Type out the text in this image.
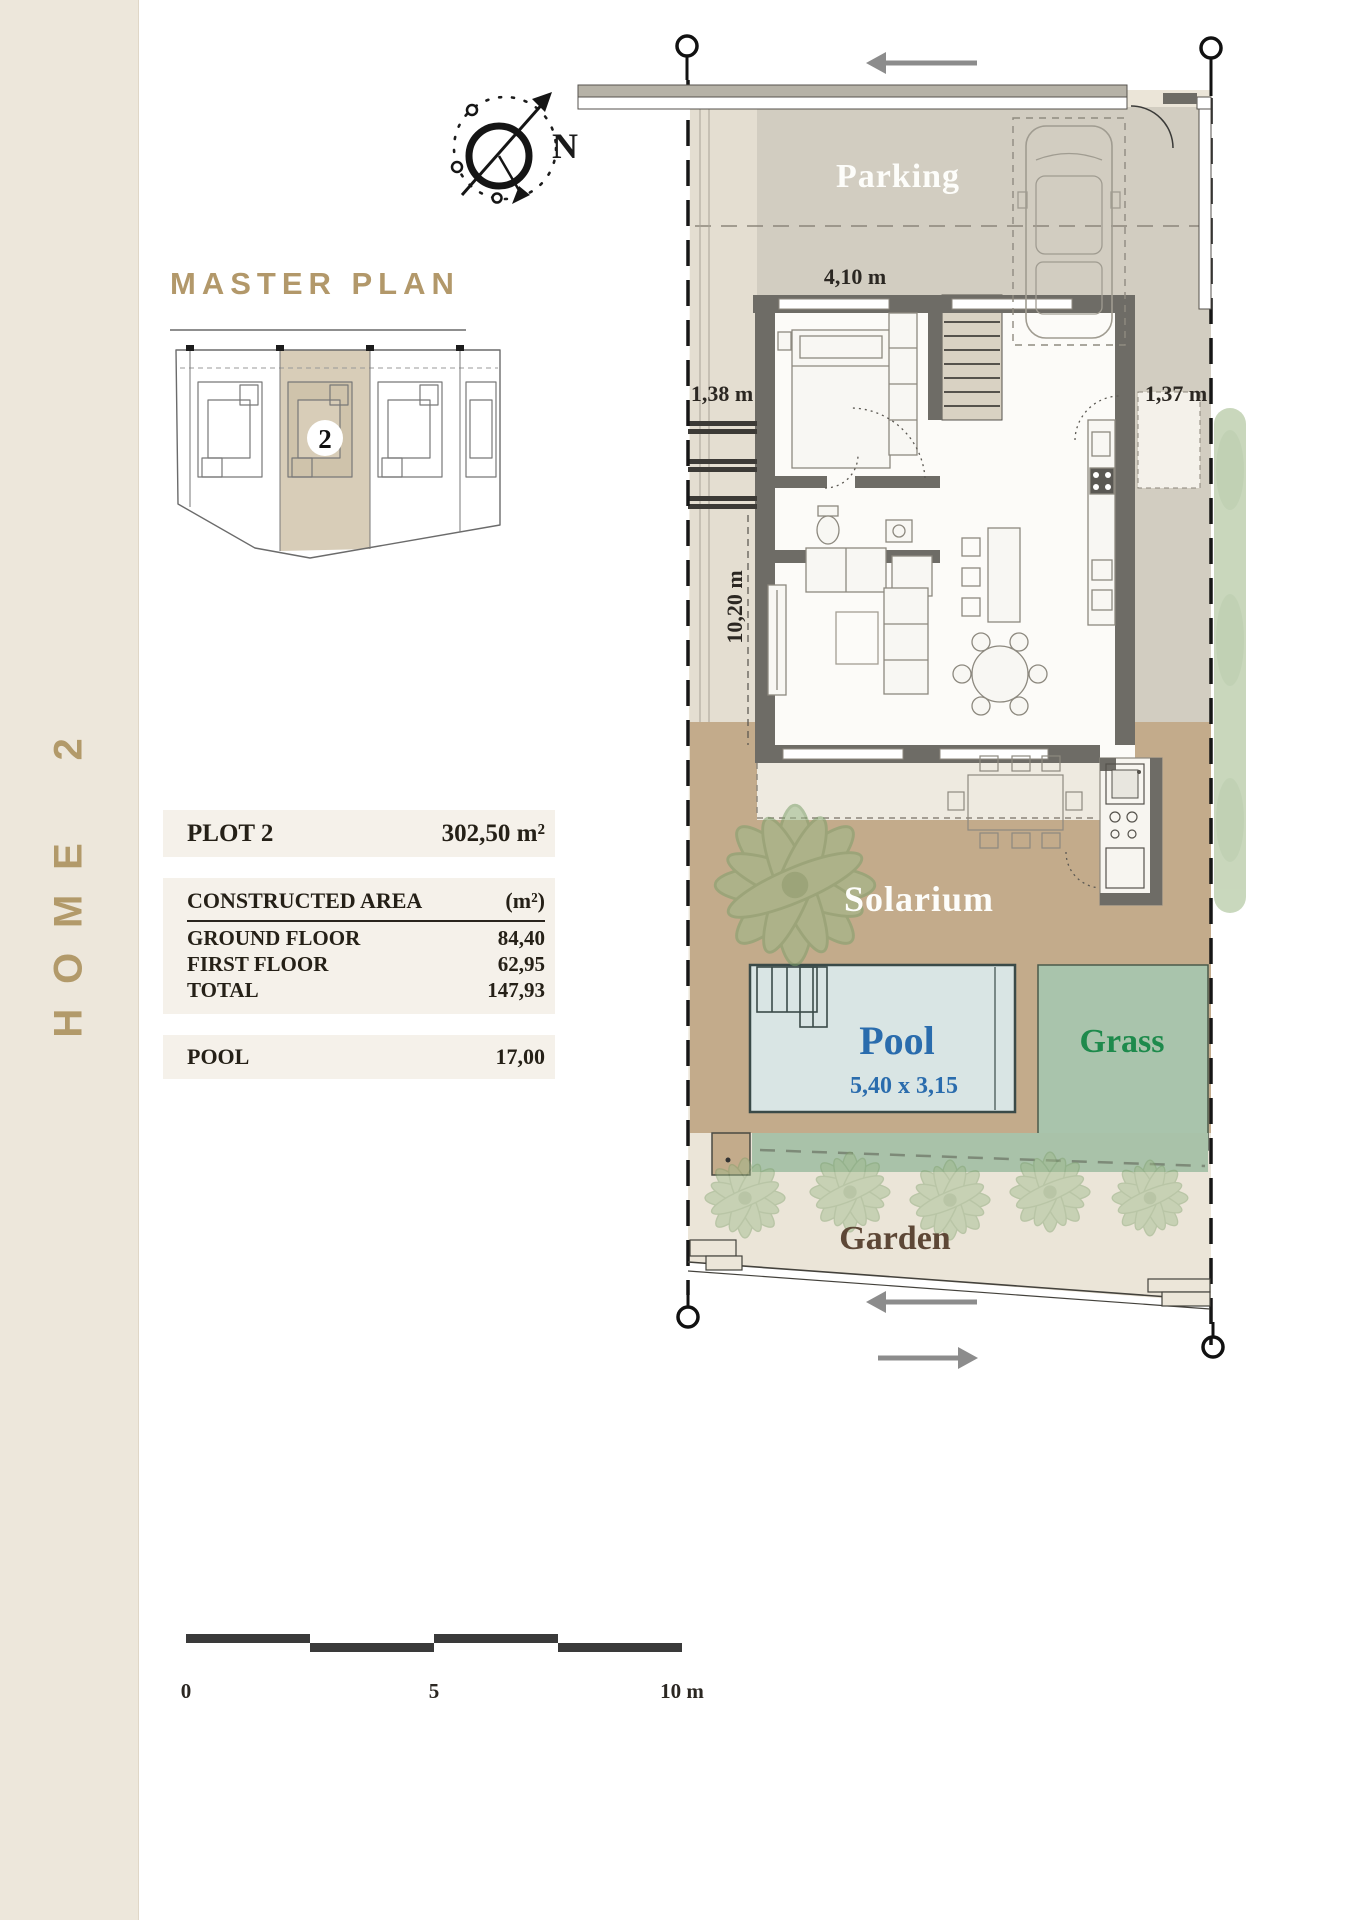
HOME 2
MASTER PLAN
PLOT 2	302,50 m²
CONSTRUCTED AREA	(m²)
GROUND FLOOR	84,40
FIRST FLOOR	62,95
TOTAL	147,93
POOL	17,00
N
2
Parking
Solarium
Pool
5,40 x 3,15
Grass
Garden
4,10 m
1,38 m	1,37 m
10,20 m
0	5	10 m
